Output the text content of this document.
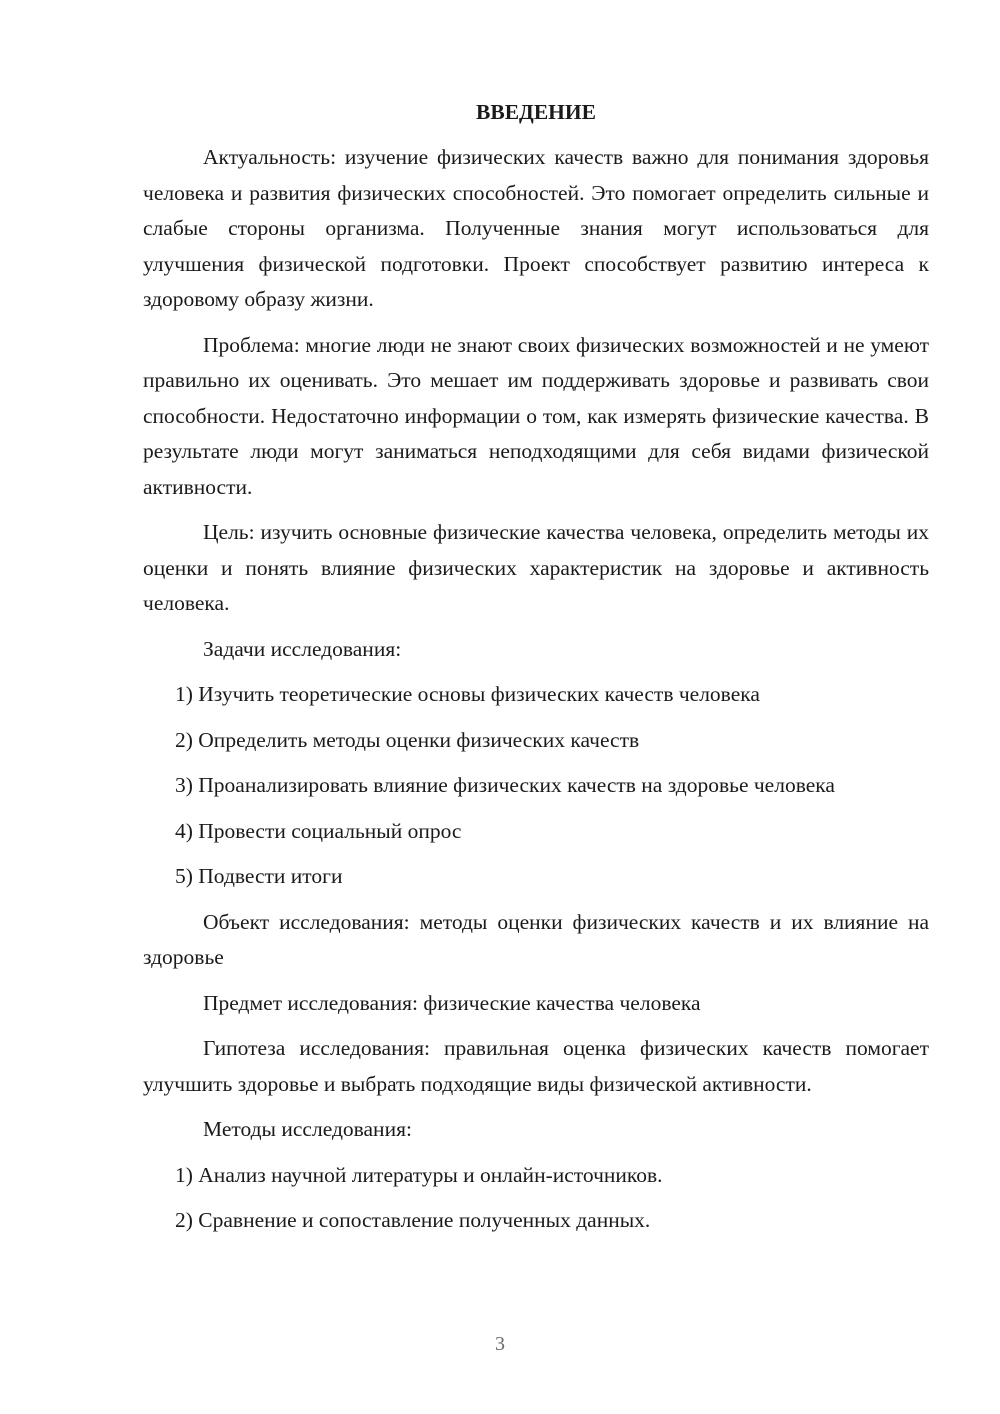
ВВЕДЕНИЕ

Актуальность: изучение физических качеств важно для понимания здоровья человека и развития физических способностей. Это помогает определить сильные и слабые стороны организма. Полученные знания могут использоваться для улучшения физической подготовки. Проект способствует развитию интереса к здоровому образу жизни.

Проблема: многие люди не знают своих физических возможностей и не умеют правильно их оценивать. Это мешает им поддерживать здоровье и развивать свои способности. Недостаточно информации о том, как измерять физические качества. В результате люди могут заниматься неподходящими для себя видами физической активности.

Цель: изучить основные физические качества человека, определить методы их оценки и понять влияние физических характеристик на здоровье и активность человека.

Задачи исследования:

1) Изучить теоретические основы физических качеств человека

2) Определить методы оценки физических качеств

3) Проанализировать влияние физических качеств на здоровье человека

4) Провести социальный опрос

5) Подвести итоги

Объект исследования: методы оценки физических качеств и их влияние на здоровье

Предмет исследования: физические качества человека

Гипотеза исследования: правильная оценка физических качеств помогает улучшить здоровье и выбрать подходящие виды физической активности.

Методы исследования:

1) Анализ научной литературы и онлайн-источников.

2) Сравнение и сопоставление полученных данных.

3
